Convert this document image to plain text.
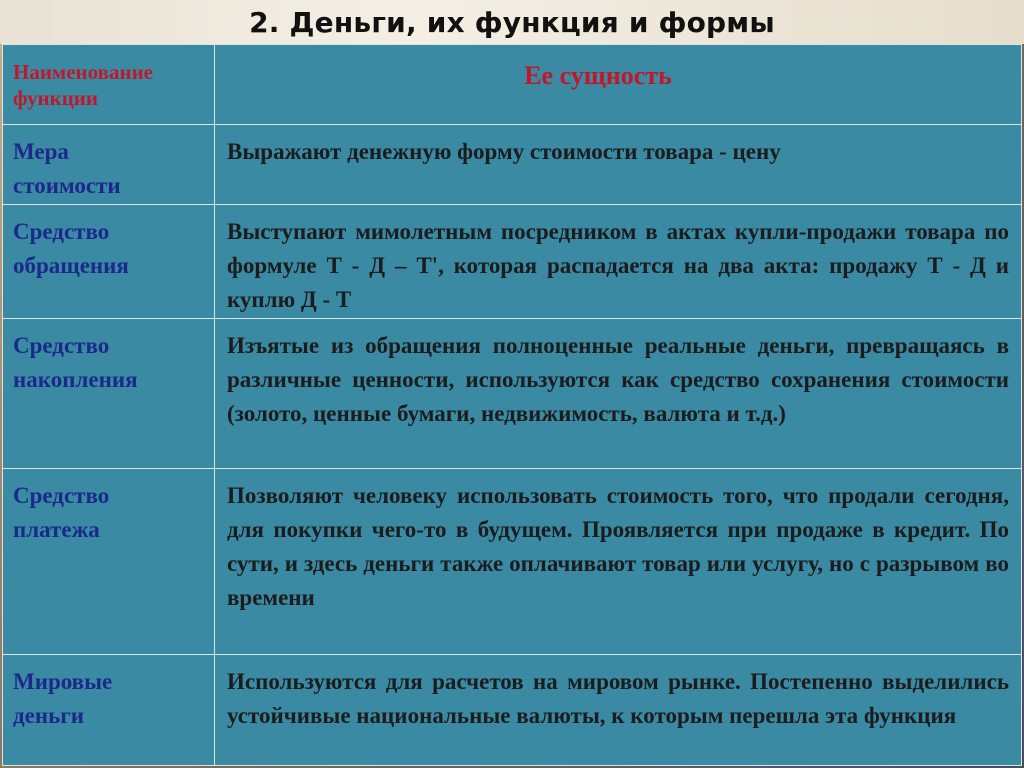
2. Деньги, их функция и формы
Наименование функции	Ее сущность
Мера
стоимости	Выражают денежную форму стоимости товара - цену
Средство
обращения	Выступают мимолетным посредником в актах купли-продажи товара по формуле Т - Д – Т', которая распадается на два акта: продажу Т - Д и куплю Д - Т
Средство
накопления	Изъятые из обращения полноценные реальные деньги, превращаясь в различные ценности, используются как средство сохранения стоимости (золото, ценные бумаги, недвижимость, валюта и т.д.)
Средство
платежа	Позволяют человеку использовать стоимость того, что продали сегодня, для покупки чего-то в будущем. Проявляется при продаже в кредит. По сути, и здесь деньги также оплачивают товар или услугу, но с разрывом во времени
Мировые
деньги	Используются для расчетов на мировом рынке. Постепенно выделились устойчивые национальные валюты, к которым перешла эта функция
